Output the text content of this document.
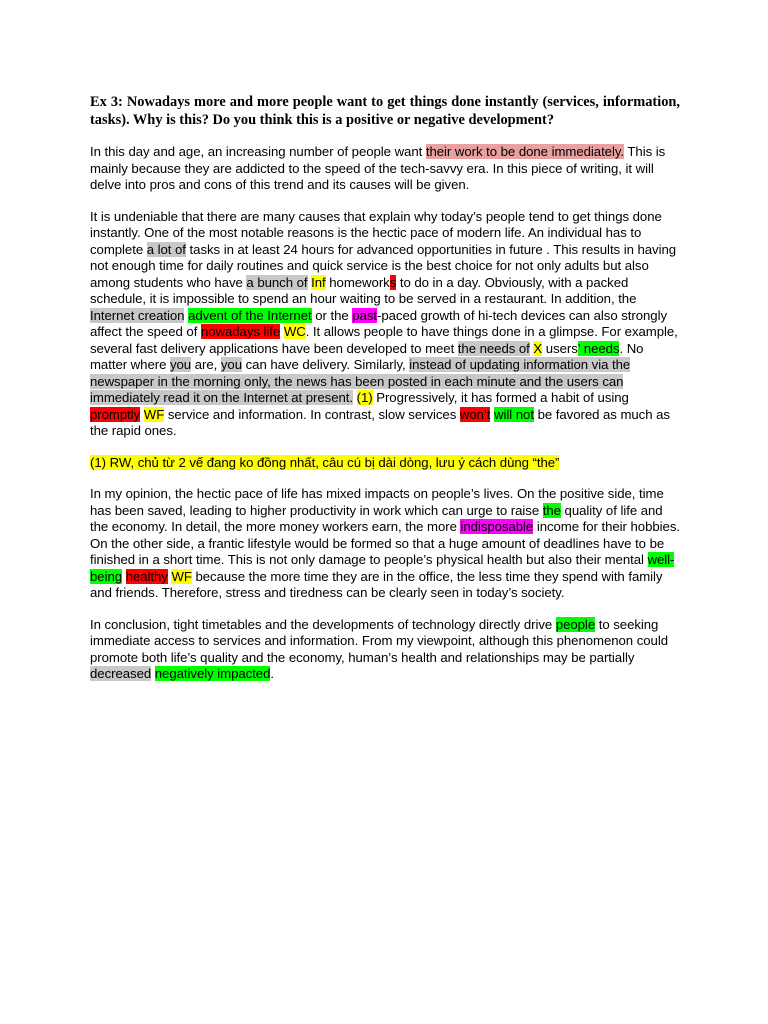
Ex 3: Nowadays more and more people want to get things done instantly (services, information, tasks). Why is this? Do you think this is a positive or negative development?

In this day and age, an increasing number of people want their work to be done immediately. This is mainly because they are addicted to the speed of the tech-savvy era. In this piece of writing, it will delve into pros and cons of this trend and its causes will be given.

It is undeniable that there are many causes that explain why today’s people tend to get things done instantly. One of the most notable reasons is the hectic pace of modern life. An individual has to complete a lot of tasks in at least 24 hours for advanced opportunities in future . This results in having not enough time for daily routines and quick service is the best choice for not only adults but also among students who have a bunch of Inf homeworks to do in a day. Obviously, with a packed schedule, it is impossible to spend an hour waiting to be served in a restaurant. In addition, the Internet creation advent of the Internet or the past-paced growth of hi-tech devices can also strongly affect the speed of nowadays life WC. It allows people to have things done in a glimpse. For example, several fast delivery applications have been developed to meet the needs of X users’ needs. No matter where you are, you can have delivery. Similarly, instead of updating information via the newspaper in the morning only, the news has been posted in each minute and the users can immediately read it on the Internet at present. (1) Progressively, it has formed a habit of using promptly WF service and information. In contrast, slow services won’t will not be favored as much as the rapid ones.

(1) RW, chủ từ 2 vế đang ko đồng nhất, câu cú bị dài dòng, lưu ý cách dùng “the”

In my opinion, the hectic pace of life has mixed impacts on people’s lives. On the positive side, time has been saved, leading to higher productivity in work which can urge to raise the quality of life and the economy. In detail, the more money workers earn, the more indisposable income for their hobbies. On the other side, a frantic lifestyle would be formed so that a huge amount of deadlines have to be finished in a short time. This is not only damage to people’s physical health but also their mental well-being healthy WF because the more time they are in the office, the less time they spend with family and friends. Therefore, stress and tiredness can be clearly seen in today’s society.

In conclusion, tight timetables and the developments of technology directly drive people to seeking immediate access to services and information. From my viewpoint, although this phenomenon could promote both life’s quality and the economy, human’s health and relationships may be partially decreased negatively impacted.
